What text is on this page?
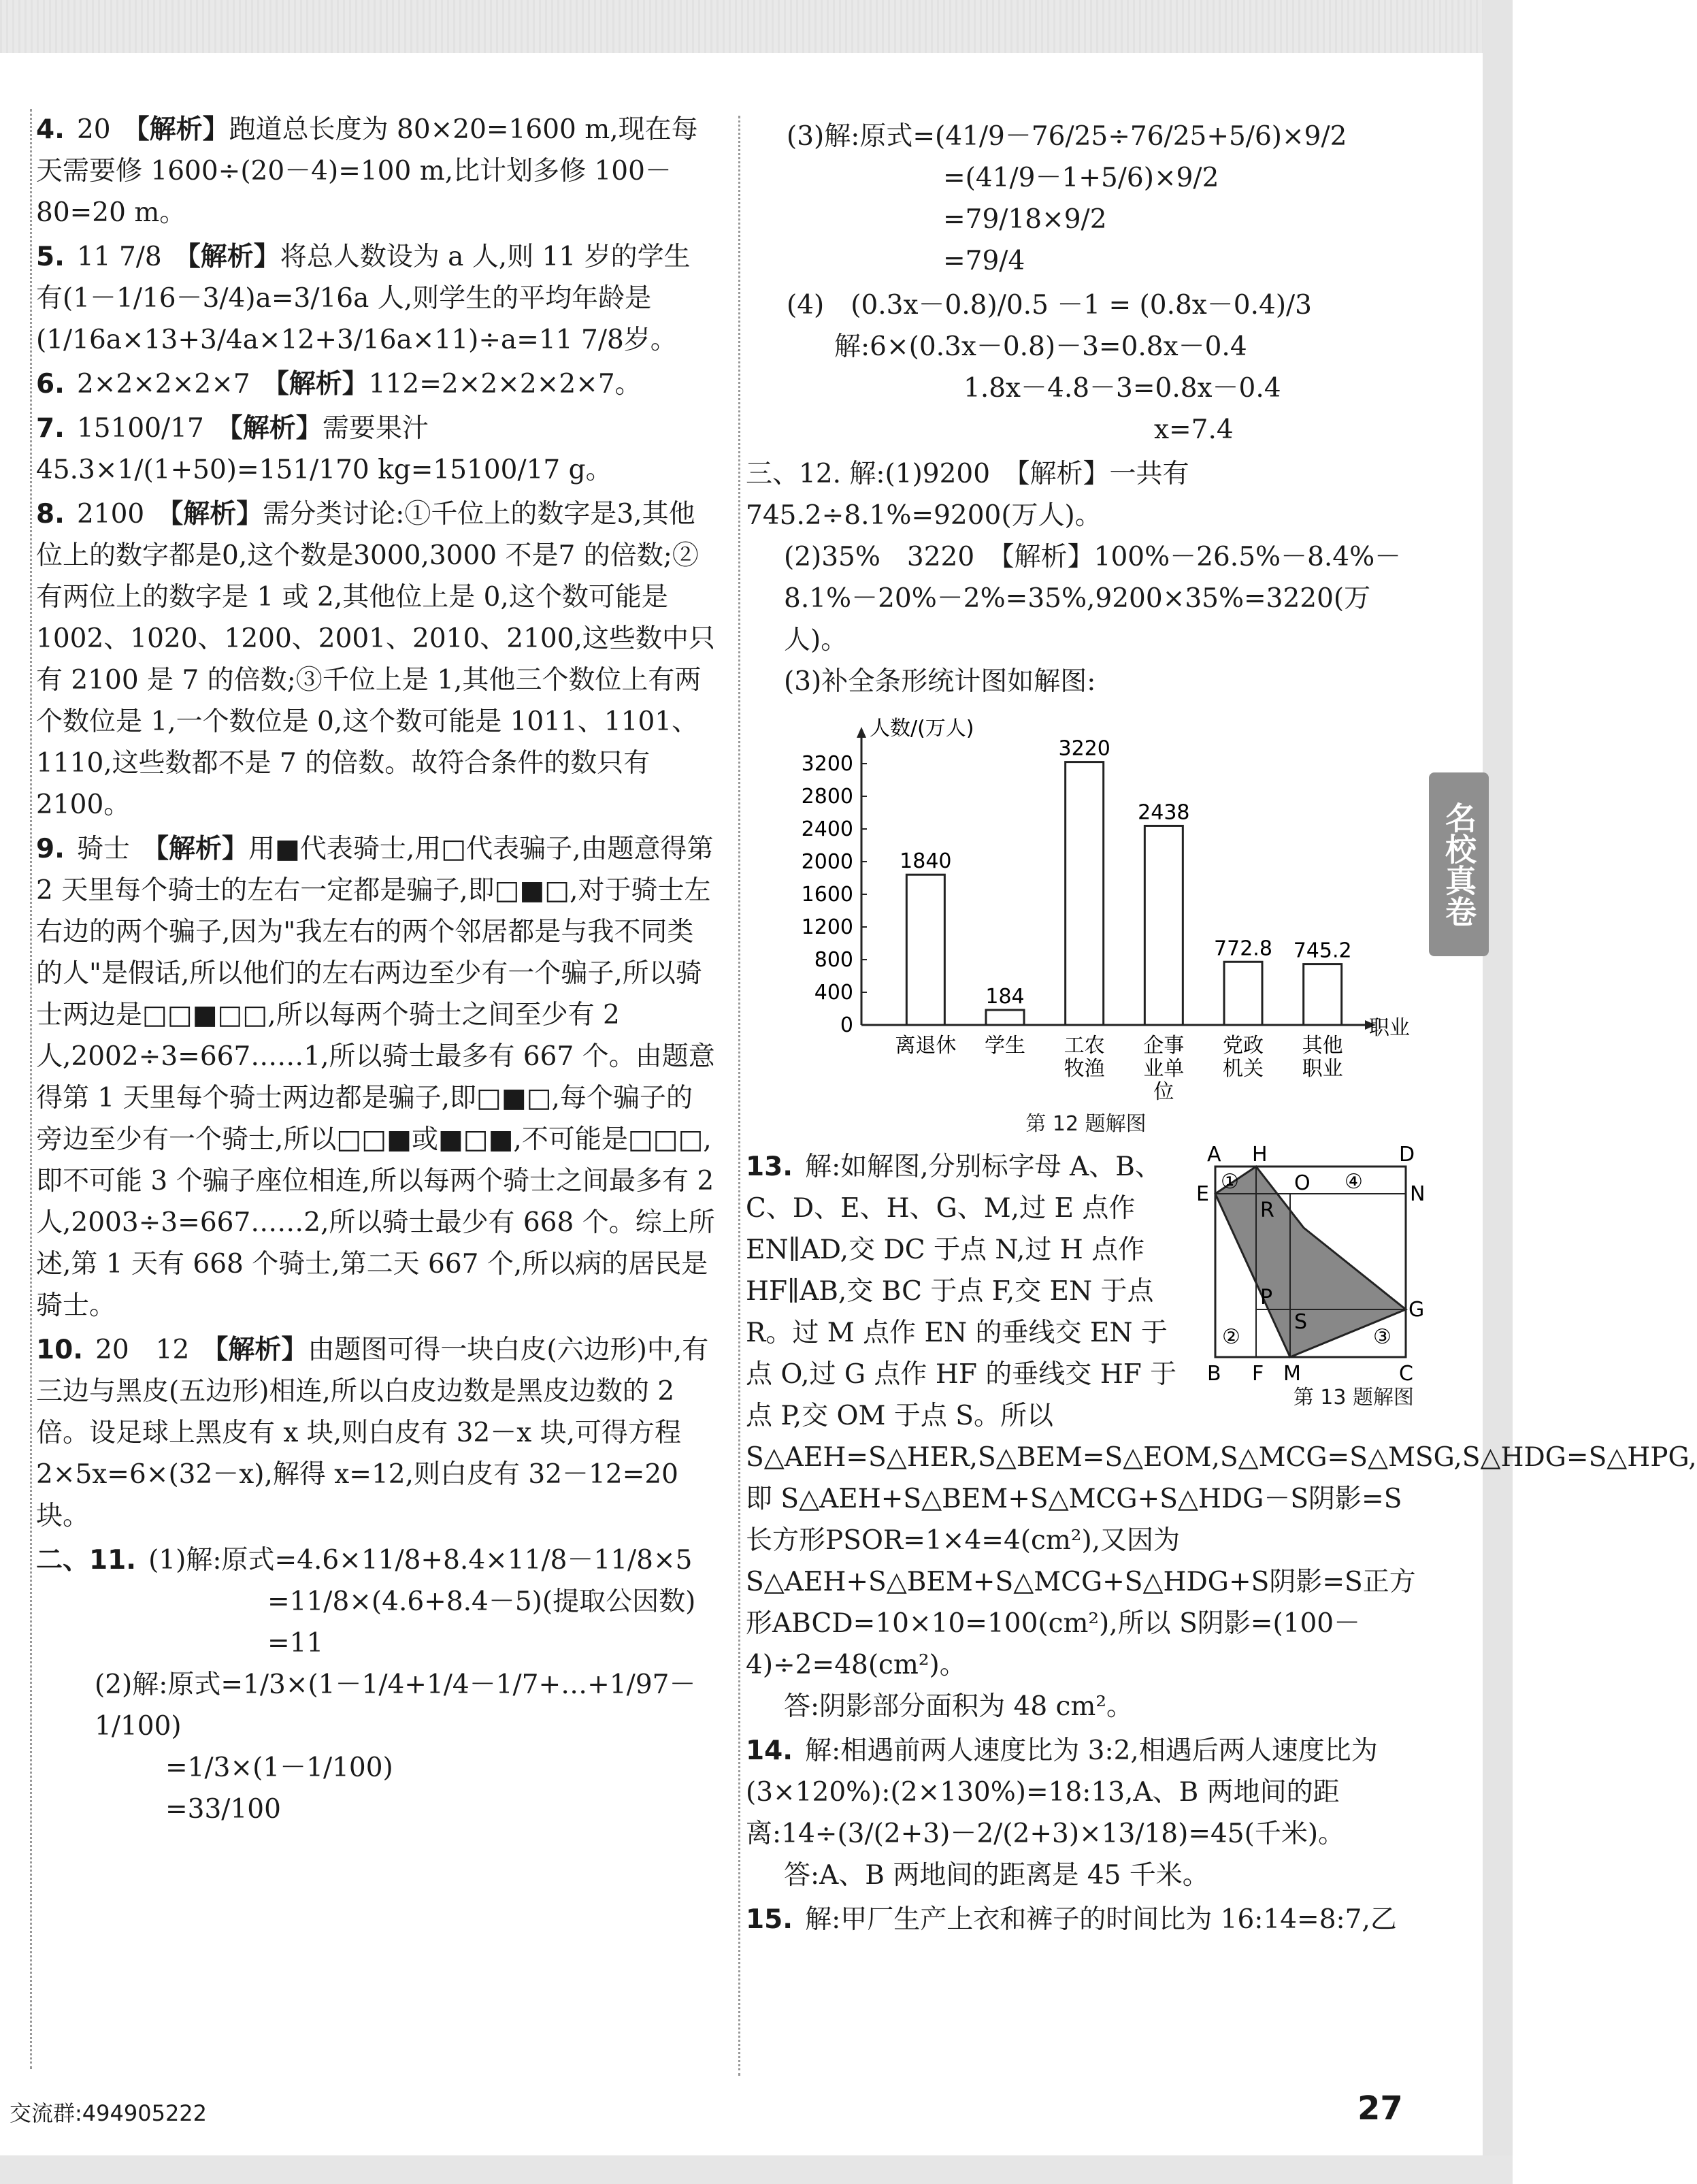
4. 20 【解析】跑道总长度为 80×20=1600 m,现在每天需要修 1600÷(20－4)=100 m,比计划多修 100－80=20 m。
5. 11 7/8 【解析】将总人数设为 a 人,则 11 岁的学生有(1－1/16－3/4)a=3/16a 人,则学生的平均年龄是 (1/16a×13+3/4a×12+3/16a×11)÷a=11 7/8岁。
6. 2×2×2×2×7 【解析】112=2×2×2×2×7。
7. 15100/17 【解析】需要果汁 45.3×1/(1+50)=151/170 kg=15100/17 g。
8. 2100 【解析】需分类讨论:①千位上的数字是3,其他位上的数字都是0,这个数是3000,3000 不是7 的倍数;②有两位上的数字是 1 或 2,其他位上是 0,这个数可能是 1002、1020、1200、2001、2010、2100,这些数中只有 2100 是 7 的倍数;③千位上是 1,其他三个数位上有两个数位是 1,一个数位是 0,这个数可能是 1011、1101、1110,这些数都不是 7 的倍数。故符合条件的数只有 2100。
9. 骑士 【解析】用■代表骑士,用□代表骗子,由题意得第 2 天里每个骑士的左右一定都是骗子,即□■□,对于骑士左右边的两个骗子,因为"我左右的两个邻居都是与我不同类的人"是假话,所以他们的左右两边至少有一个骗子,所以骑士两边是□□■□□,所以每两个骑士之间至少有 2 人,2002÷3=667……1,所以骑士最多有 667 个。由题意得第 1 天里每个骑士两边都是骗子,即□■□,每个骗子的旁边至少有一个骑士,所以□□■或■□■,不可能是□□□,即不可能 3 个骗子座位相连,所以每两个骑士之间最多有 2 人,2003÷3=667……2,所以骑士最少有 668 个。综上所述,第 1 天有 668 个骑士,第二天 667 个,所以病的居民是骑士。
10. 20　12 【解析】由题图可得一块白皮(六边形)中,有三边与黑皮(五边形)相连,所以白皮边数是黑皮边数的 2 倍。设足球上黑皮有 x 块,则白皮有 32－x 块,可得方程 2×5x=6×(32－x),解得 x=12,则白皮有 32－12=20 块。
二、11. (1)解:原式=4.6×11/8+8.4×11/8－11/8×5
=11/8×(4.6+8.4－5)(提取公因数)
=11
(2)解:原式=1/3×(1－1/4+1/4－1/7+…+1/97－1/100)
=1/3×(1－1/100)
=33/100
(3)解:原式=(41/9－76/25÷76/25+5/6)×9/2
=(41/9－1+5/6)×9/2
=79/18×9/2
=79/4
(4)　(0.3x－0.8)/0.5 －1 = (0.8x－0.4)/3
解:6×(0.3x－0.8)－3=0.8x－0.4
1.8x－4.8－3=0.8x－0.4
x=7.4
三、12. 解:(1)9200　【解析】一共有 745.2÷8.1%=9200(万人)。
(2)35%　3220　【解析】100%－26.5%－8.4%－8.1%－20%－2%=35%,9200×35%=3220(万人)。
(3)补全条形统计图如解图:
人数/(万人)
职业
0
400
800
1200
1600
2000
2400
2800
3200
1840
离退休
184
学生
3220
工农
牧渔
2438
企事
业单
位
772.8
党政
机关
745.2
其他
职业
第 12 题解图
A H	D
E	O	N
R
P
S
G
B F M	C
①
②	③
④
13. 解:如解图,分别标字母 A、B、C、D、E、H、G、M,过 E 点作 EN∥AD,交 DC 于点 N,过 H 点作 HF∥AB,交 BC 于点 F,交 EN 于点 R。过 M 点作 EN 的垂线交 EN 于点 O,过 G 点作 HF 的垂线交 HF 于点 P,交 OM 于点 S。所以 S△AEH=S△HER,S△BEM=S△EOM,S△MCG=S△MSG,S△HDG=S△HPG,即 S△AEH+S△BEM+S△MCG+S△HDG－S阴影=S长方形PSOR=1×4=4(cm²),又因为 S△AEH+S△BEM+S△MCG+S△HDG+S阴影=S正方形ABCD=10×10=100(cm²),所以 S阴影=(100－4)÷2=48(cm²)。
第 13 题解图
答:阴影部分面积为 48 cm²。
14. 解:相遇前两人速度比为 3:2,相遇后两人速度比为(3×120%):(2×130%)=18:13,A、B 两地间的距离:14÷(3/(2+3)－2/(2+3)×13/18)=45(千米)。
答:A、B 两地间的距离是 45 千米。
15. 解:甲厂生产上衣和裤子的时间比为 16:14=8:7,乙
名校真卷
交流群:494905222	27
